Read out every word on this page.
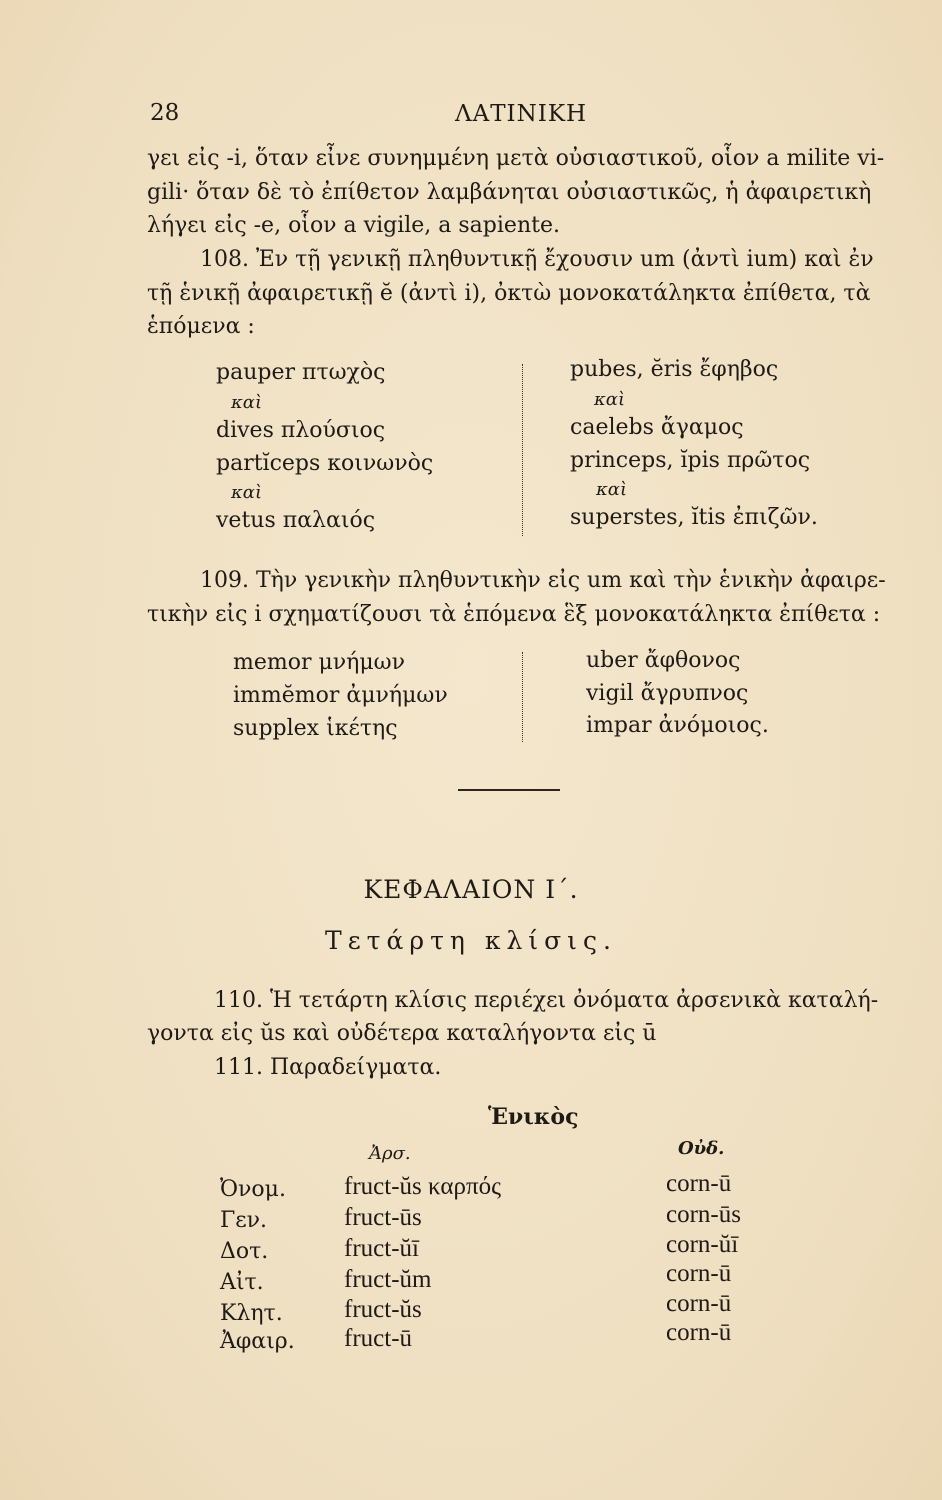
28	ΛΑΤΙΝΙΚΗ
γει εἰς -i, ὅταν εἶνε συνημμένη μετὰ οὐσιαστικοῦ, οἷον a milite vi-
gili· ὅταν δὲ τὸ ἐπίθετον λαμβάνηται οὐσιαστικῶς, ἡ ἀφαιρετικὴ
λήγει εἰς -e, οἷον a vigile, a sapiente.
108. Ἐν τῇ γενικῇ πληθυντικῇ ἔχουσιν um (ἀντὶ ium) καὶ ἐν
τῇ ἑνικῇ ἀφαιρετικῇ ĕ (ἀντὶ i), ὀκτὼ μονοκατάληκτα ἐπίθετα, τὰ
ἑπόμενα :
pauper πτωχὸς
καὶ
dives πλούσιος
partĭceps κοινωνὸς
καὶ
vetus παλαιός
pubes, ĕris ἔφηβος
καὶ
caelebs ἄγαμος
princeps, ĭpis πρῶτος
καὶ
superstes, ĭtis ἐπιζῶν.
109. Τὴν γενικὴν πληθυντικὴν εἰς um καὶ τὴν ἑνικὴν ἀφαιρε-
τικὴν εἰς i σχηματίζουσι τὰ ἑπόμενα ἓξ μονοκατάληκτα ἐπίθετα :
memor μνήμων
immĕmor ἀμνήμων
supplex ἱκέτης
uber ἄφθονος
vigil ἄγρυπνος
impar ἀνόμοιος.
ΚΕΦΑΛΑΙΟΝ Ι΄.
Τετάρτη κλίσις.
110. Ἡ τετάρτη κλίσις περιέχει ὀνόματα ἀρσενικὰ καταλή-
γοντα εἰς ŭs καὶ οὐδέτερα καταλήγοντα εἰς ū
111. Παραδείγματα.
Ἑνικὸς
Ἀρσ.	Οὐδ.
Ὀνομ.
Γεν.
Δοτ.
Αἰτ.
Κλητ.
Ἀφαιρ.
fruct-ŭs καρπός
fruct-ūs
fruct-ŭī
fruct-ŭm
fruct-ŭs
fruct-ū
corn-ū
corn-ūs
corn-ŭī
corn-ū
corn-ū
corn-ū
